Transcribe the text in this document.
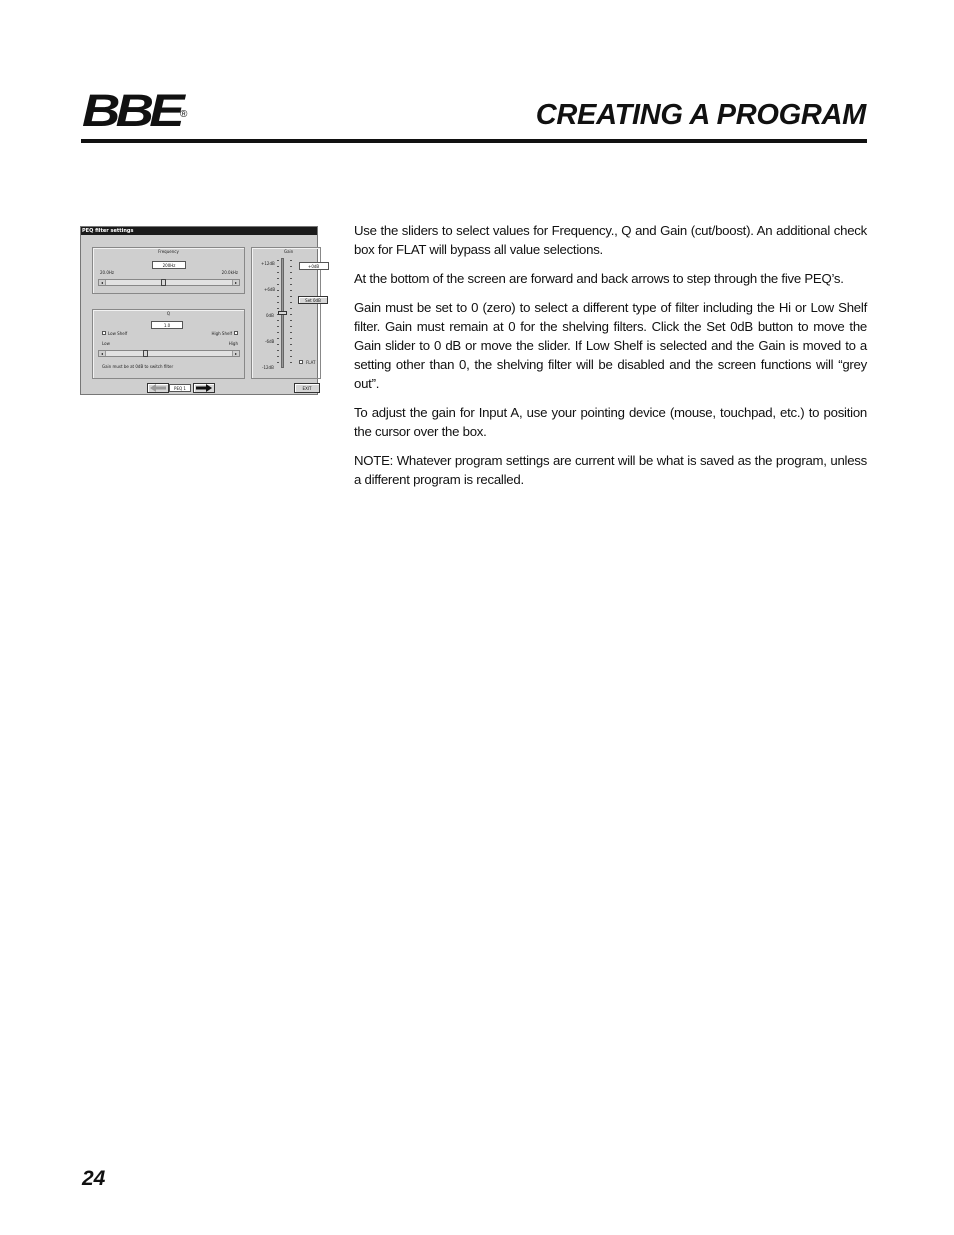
BBE
®	CREATING A PROGRAM
PEQ filter settings
Frequency
200Hz
20.0Hz	20.0kHz
◂	▸
Q
1.0
Low Shelf	High Shelf
Low	High
◂	▸
Gain must be at 0dB to switch filter
Gain
+12dB
+6dB
0dB
-6dB
-12dB
+0dB
Set 0dB
FLAT
PEQ 1	EXIT

Use the sliders to select values for Frequency., Q and Gain (cut/boost). An additional check box for FLAT will bypass all value selections.

At the bottom of the screen are forward and back arrows to step through the five PEQ’s.

Gain must be set to 0 (zero) to select a different type of filter including the Hi or Low Shelf filter. Gain must remain at 0 for the shelving filters. Click the Set 0dB button to move the Gain slider to 0 dB or move the slider. If Low Shelf is selected and the Gain is moved to a setting other than 0, the shelving filter will be disabled and the screen functions will “grey out”.

To adjust the gain for Input A, use your pointing device (mouse, touchpad, etc.) to position the cursor over the box.

NOTE: Whatever program settings are current will be what is saved as the program, unless a different program is recalled.

24
